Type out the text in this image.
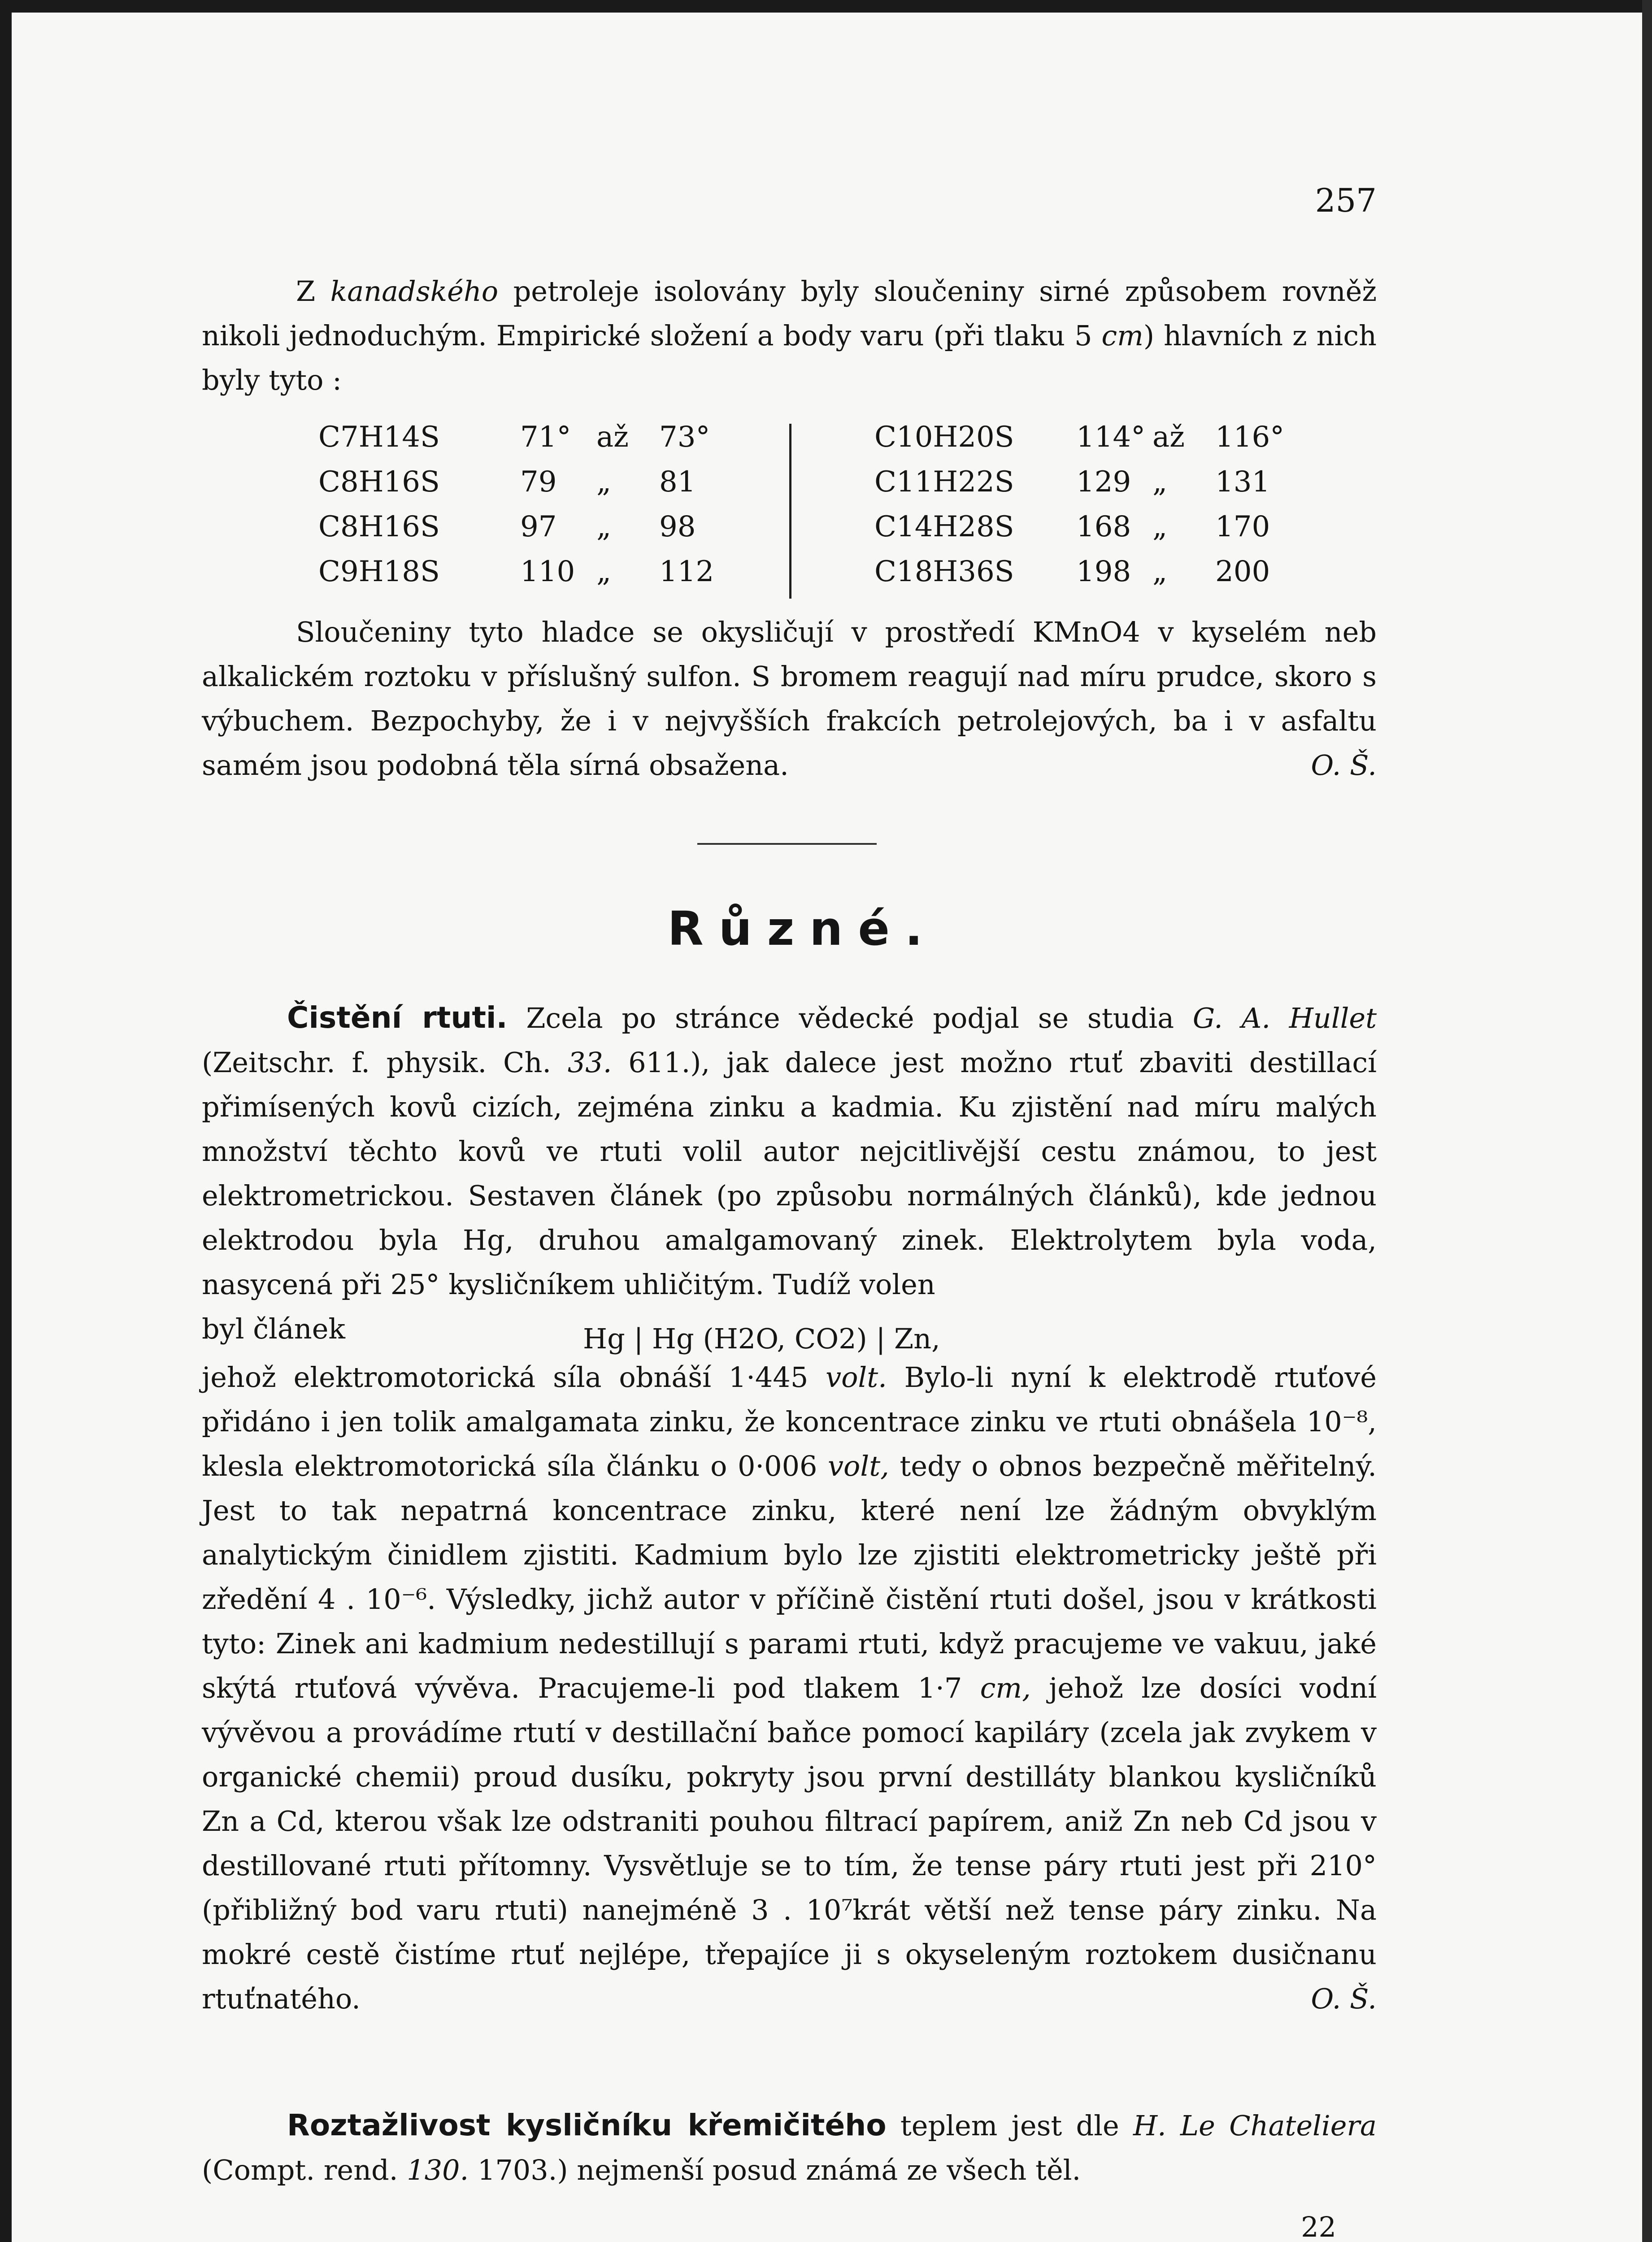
257

Z kanadského petroleje isolovány byly sloučeniny sirné způsobem rovněž nikoli jednoduchým. Empirické složení a body varu (při tlaku 5 cm) hlavních z nich byly tyto :

C7H14S	71° až 73°
C8H16S	79 „ 81
C8H16S	97 „ 98
C9H18S	110 „ 112
C10H20S 114° až 116°
C11H22S 129 „ 131
C14H28S 168 „ 170
C18H36S 198 „ 200

Sloučeniny tyto hladce se okysličují v prostředí KMnO4 v kyselém neb alkalickém roztoku v příslušný sulfon. S bromem reagují nad míru prudce, skoro s výbuchem. Bezpochyby, že i v nejvyšších frakcích petrolejových, ba i v asfaltu samém jsou podobná těla sírná obsažena.	O. Š.

Různé.

Čistění rtuti. Zcela po stránce vědecké podjal se studia G. A. Hullet (Zeitschr. f. physik. Ch. 33. 611.), jak dalece jest možno rtuť zbaviti destillací přimísených kovů cizích, zejména zinku a kadmia. Ku zjistění nad míru malých množství těchto kovů ve rtuti volil autor nejcitlivější cestu známou, to jest elektrometrickou. Sestaven článek (po způsobu normálných článků), kde jednou elektrodou byla Hg, druhou amalgamovaný zinek. Elektrolytem byla voda, nasycená při 25° kysličníkem uhličitým. Tudíž volen

byl článek	Hg | Hg (H2O, CO2) | Zn,

jehož elektromotorická síla obnáší 1·445 volt. Bylo-li nyní k elektrodě rtuťové přidáno i jen tolik amalgamata zinku, že koncentrace zinku ve rtuti obnášela 10⁻⁸, klesla elektromotorická síla článku o 0·006 volt, tedy o obnos bezpečně měřitelný. Jest to tak nepatrná koncentrace zinku, které není lze žádným obvyklým analytickým činidlem zjistiti. Kadmium bylo lze zjistiti elektrometricky ještě při zředění 4 . 10⁻⁶. Výsledky, jichž autor v příčině čistění rtuti došel, jsou v krátkosti tyto: Zinek ani kadmium nedestillují s parami rtuti, když pracujeme ve vakuu, jaké skýtá rtuťová vývěva. Pracujeme-li pod tlakem 1·7 cm, jehož lze dosíci vodní vývěvou a provádíme rtutí v destillační baňce pomocí kapiláry (zcela jak zvykem v organické chemii) proud dusíku, pokryty jsou první destilláty blankou kysličníků Zn a Cd, kterou však lze odstraniti pouhou filtrací papírem, aniž Zn neb Cd jsou v destillované rtuti přítomny. Vysvětluje se to tím, že tense páry rtuti jest při 210° (přibližný bod varu rtuti) nanejméně 3 . 10⁷krát větší než tense páry zinku. Na mokré cestě čistíme rtuť nejlépe, třepajíce ji s okyseleným roztokem dusičnanu rtuťnatého.	O. Š.

Roztažlivost kysličníku křemičitého teplem jest dle H. Le Chateliera (Compt. rend. 130. 1703.) nejmenší posud známá ze všech těl.

22
